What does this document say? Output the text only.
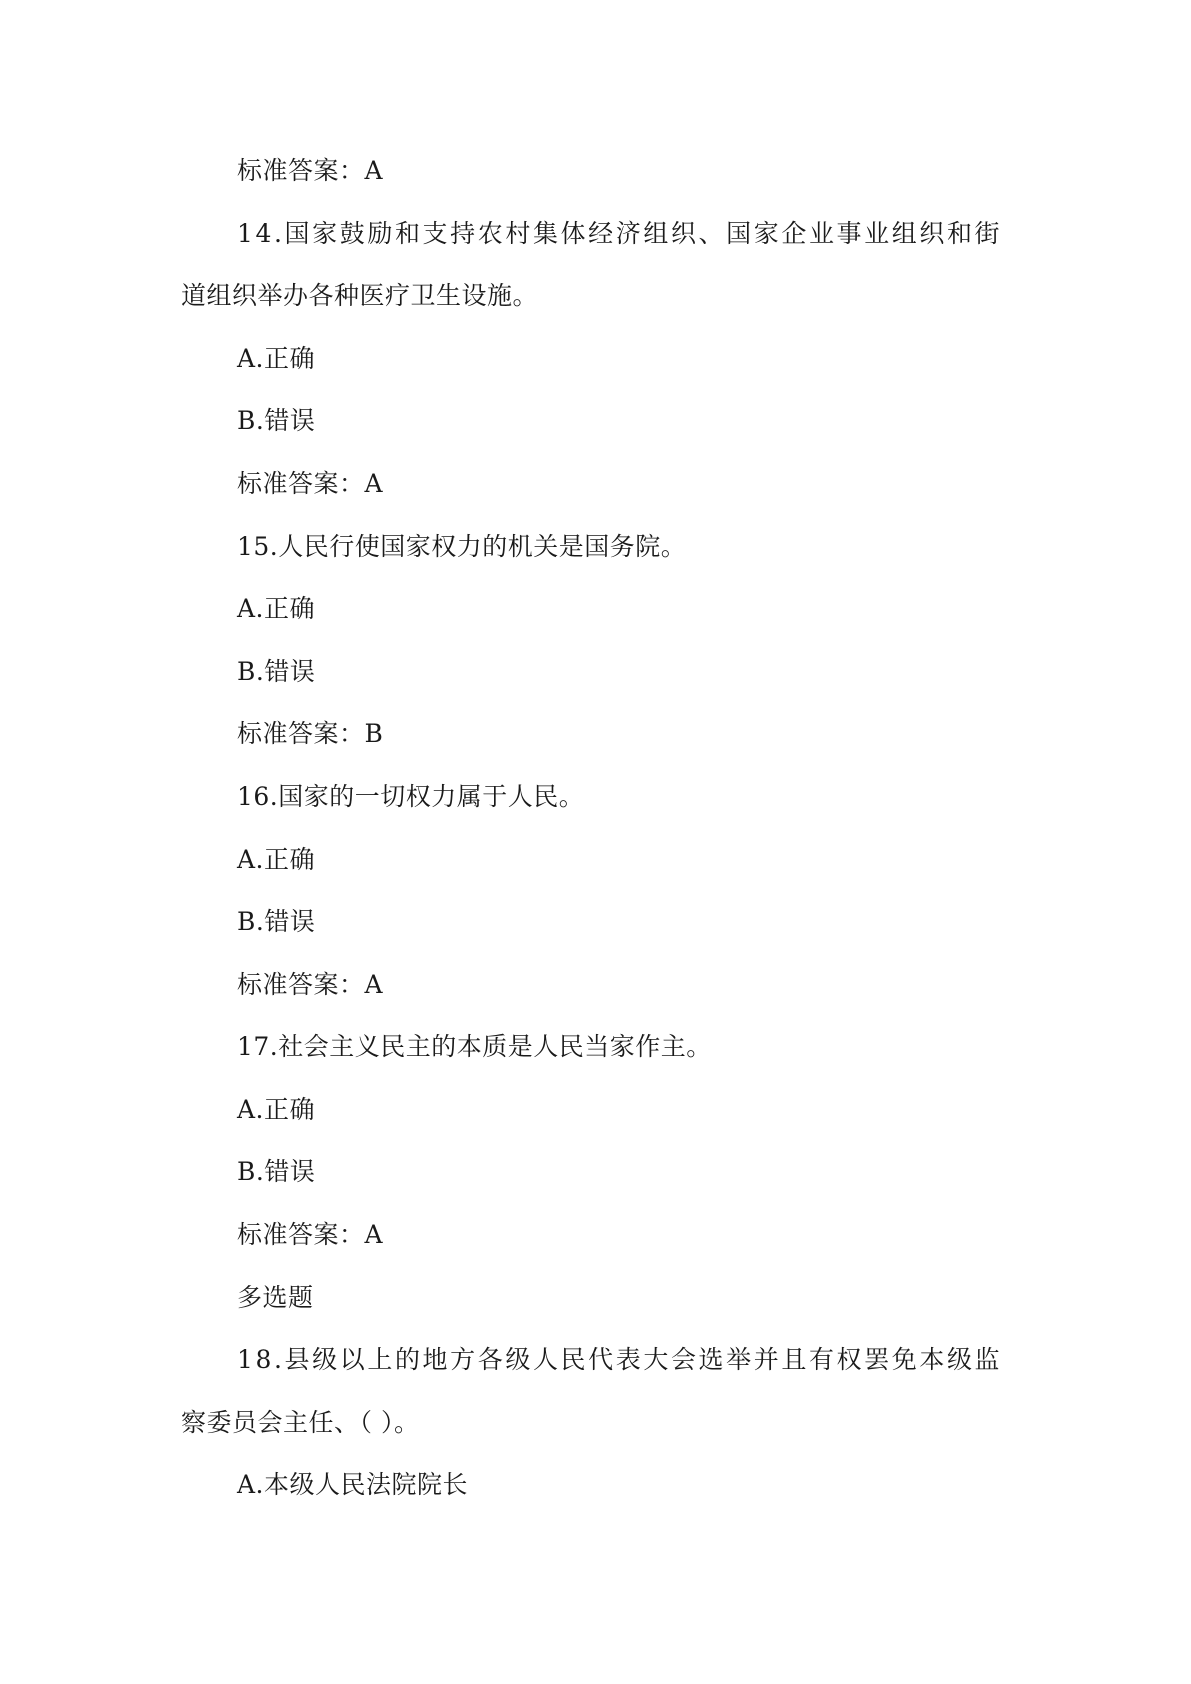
标准答案：A
14.国家鼓励和支持农村集体经济组织、国家企业事业组织和街
道组织举办各种医疗卫生设施。
A.正确
B.错误
标准答案：A
15.人民行使国家权力的机关是国务院。
A.正确
B.错误
标准答案：B
16.国家的一切权力属于人民。
A.正确
B.错误
标准答案：A
17.社会主义民主的本质是人民当家作主。
A.正确
B.错误
标准答案：A
多选题
18.县级以上的地方各级人民代表大会选举并且有权罢免本级监
察委员会主任、（ ）。
A.本级人民法院院长
